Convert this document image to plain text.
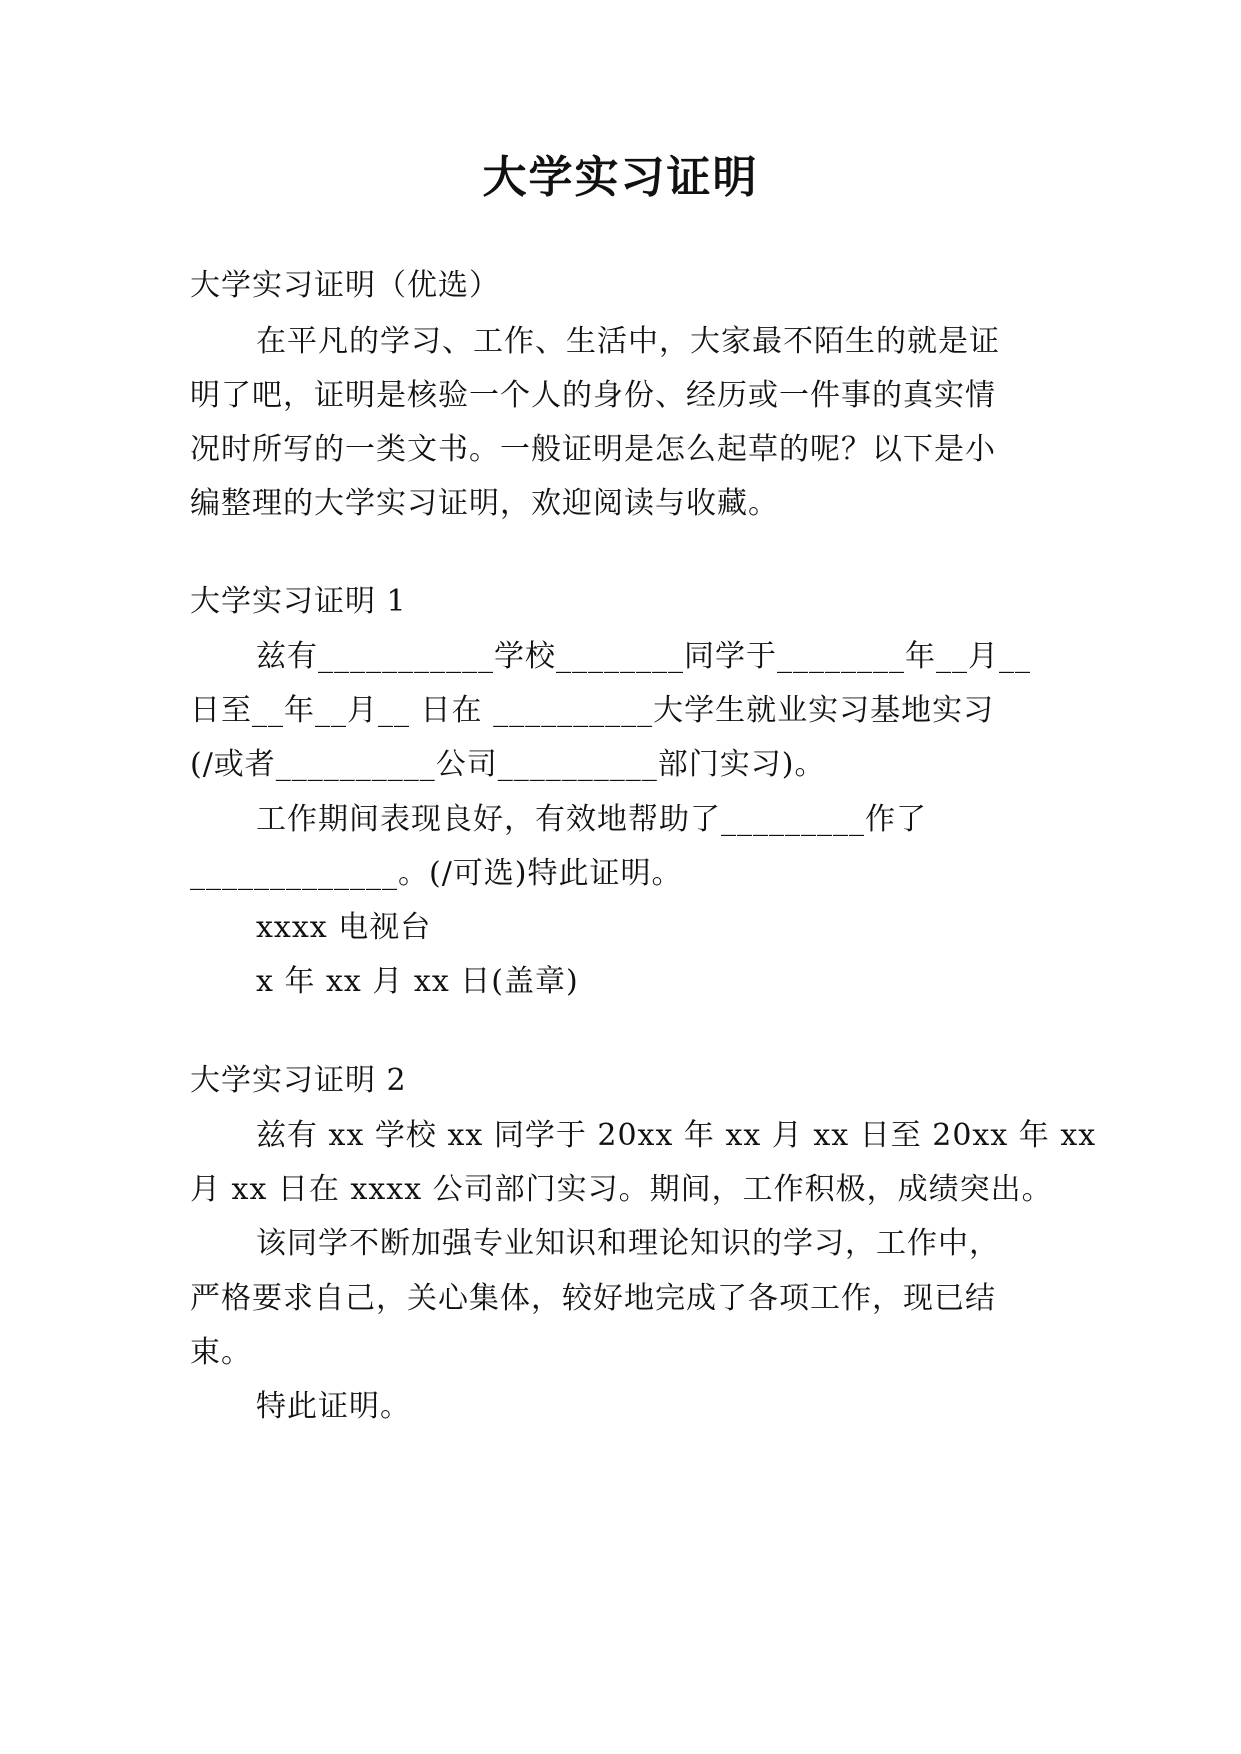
大学实习证明
大学实习证明（优选）
在平凡的学习、工作、生活中，大家最不陌生的就是证
明了吧，证明是核验一个人的身份、经历或一件事的真实情
况时所写的一类文书。一般证明是怎么起草的呢？以下是小
编整理的大学实习证明，欢迎阅读与收藏。
大学实习证明 1
兹有___________学校________同学于________年__月__
日至__年__月__ 日在 __________大学生就业实习基地实习
(/或者__________公司__________部门实习)。
工作期间表现良好，有效地帮助了_________作了
_____________。(/可选)特此证明。
xxxx 电视台
x 年 xx 月 xx 日(盖章)
大学实习证明 2
兹有 xx 学校 xx 同学于 20xx 年 xx 月 xx 日至 20xx 年 xx
月 xx 日在 xxxx 公司部门实习。期间，工作积极，成绩突出。
该同学不断加强专业知识和理论知识的学习，工作中，
严格要求自己，关心集体，较好地完成了各项工作，现已结
束。
特此证明。
